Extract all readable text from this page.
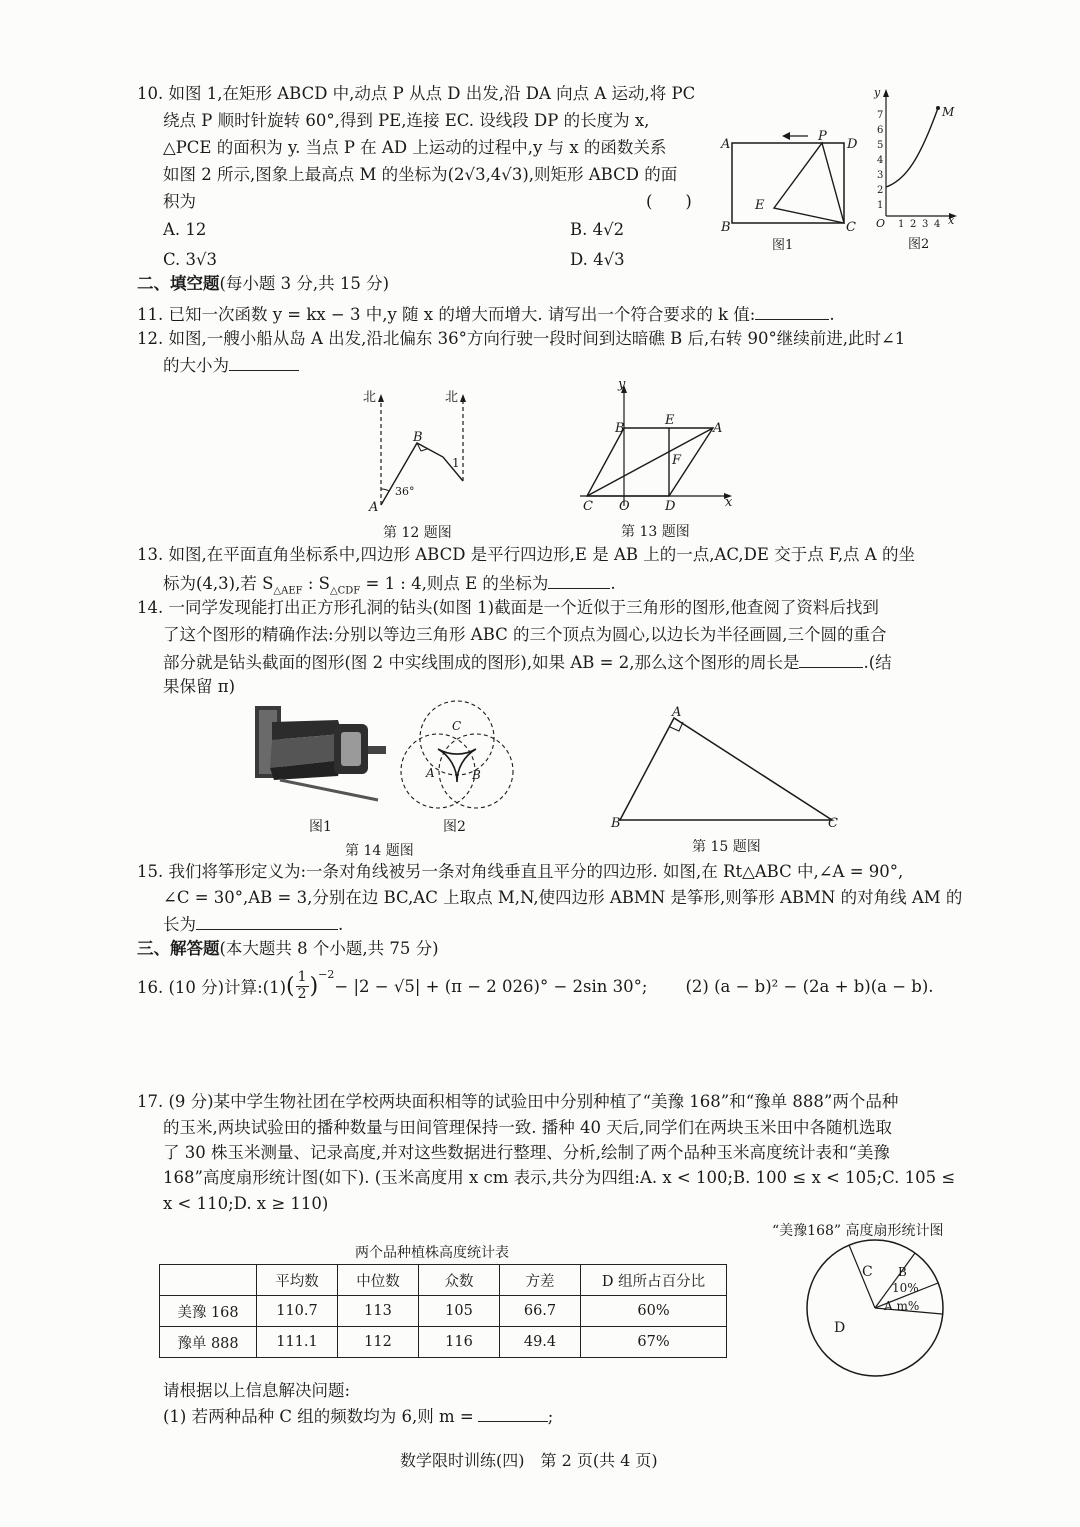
10. 如图 1,在矩形 ABCD 中,动点 P 从点 D 出发,沿 DA 向点 A 运动,将 PC
绕点 P 顺时针旋转 60°,得到 PE,连接 EC. 设线段 DP 的长度为 x,
△PCE 的面积为 y. 当点 P 在 AD 上运动的过程中,y 与 x 的函数关系
如图 2 所示,图象上最高点 M 的坐标为(2√3,4√3),则矩形 ABCD 的面
积为	(　　)
A. 12	B. 4√2
C. 3√3	D. 4√3
A
P
D
E
B	C
图1
y
1
2
3
4
5
6
7
O 1 2 3 4 x
M
图2
二、填空题(每小题 3 分,共 15 分)
11. 已知一次函数 y = kx − 3 中,y 随 x 的增大而增大. 请写出一个符合要求的 k 值:	.
12. 如图,一艘小船从岛 A 出发,沿北偏东 36°方向行驶一段时间到达暗礁 B 后,右转 90°继续前进,此时∠1
的大小为
北	北
B
1
A
36°
第 12 题图
y
B
E
A
F
C O	D	x
第 13 题图
13. 如图,在平面直角坐标系中,四边形 ABCD 是平行四边形,E 是 AB 上的一点,AC,DE 交于点 F,点 A 的坐
标为(4,3),若 $S_{\triangle AEF}$ : $S_{\triangle CDF} = 1$ : 4,则点 E 的坐标为	.
14. 一同学发现能打出正方形孔洞的钻头(如图 1)截面是一个近似于三角形的图形,他查阅了资料后找到
了这个图形的精确作法:分别以等边三角形 ABC 的三个顶点为圆心,以边长为半径画圆,三个圆的重合
部分就是钻头截面的图形(图 2 中实线围成的图形),如果 AB = 2,那么这个图形的周长是	.(结
果保留 π)
C
A	B
图1	图2
第 14 题图
A
B	C
第 15 题图
15. 我们将筝形定义为:一条对角线被另一条对角线垂直且平分的四边形. 如图,在 Rt△ABC 中,∠A = 90°,
∠C = 30°,AB = 3,分别在边 BC,AC 上取点 M,N,使四边形 ABMN 是筝形,则筝形 ABMN 的对角线 AM 的
长为	.
三、解答题(本大题共 8 个小题,共 75 分)
16. (10 分)计算:(1) ( $\frac{1}{2} )^{-2}$
− |2 − √5| + (π − 2 026)° − 2sin 30°; (2) (a − b)² − (2a + b)(a − b).
17. (9 分)某中学生物社团在学校两块面积相等的试验田中分别种植了“美豫 168”和“豫单 888”两个品种
的玉米,两块试验田的播种数量与田间管理保持一致. 播种 40 天后,同学们在两块玉米田中各随机选取
了 30 株玉米测量、记录高度,并对这些数据进行整理、分析,绘制了两个品种玉米高度统计表和“美豫
168”高度扇形统计图(如下). (玉米高度用 x cm 表示,共分为四组:A. x < 100;B. 100 ≤ x < 105;C. 105 ≤
x < 110;D. x ≥ 110)
两个品种植株高度统计表
	平均数	中位数	众数	方差	D 组所占百分比
美豫 168	110.7	113	105	66.7	60%
豫单 888	111.1	112	116	49.4	67%
“美豫168” 高度扇形统计图
C B
10%
A m%
D
请根据以上信息解决问题:
(1) 若两种品种 C 组的频数均为 6,则 m =	;
数学限时训练(四)　第 2 页(共 4 页)
